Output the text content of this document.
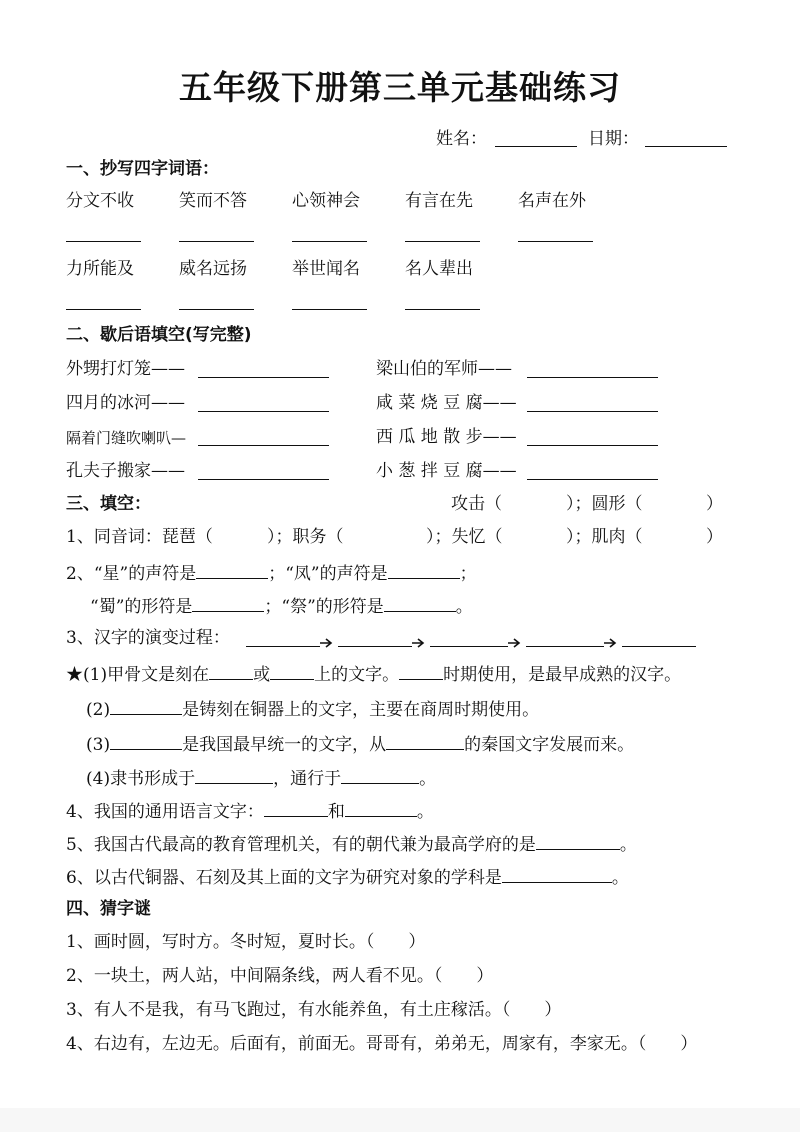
五年级下册第三单元基础练习
姓名：	日期：
一、抄写四字词语：
分文不收	笑而不答	心领神会	有言在先	名声在外
力所能及	威名远扬	举世闻名	名人辈出
二、歇后语填空(写完整)
外甥打灯笼——	梁山伯的军师——
四月的冰河——	咸 菜 烧 豆 腐——
隔着门缝吹喇叭—	西 瓜 地 散 步——
孔夫子搬家——	小 葱 拌 豆 腐——
三、填空：	攻击（	）；圆形（	）
1、同音词：琵琶（	）；职务（	）；失忆（	）；肌肉（	）
2、“星”的声符是	；“凤”的声符是	；
“蜀”的形符是	；“祭”的形符是	。
3、汉字的演变过程：
★(1)甲骨文是刻在	或	上的文字。	时期使用，是最早成熟的汉字。
(2)	是铸刻在铜器上的文字，主要在商周时期使用。
(3)	是我国最早统一的文字，从	的秦国文字发展而来。
(4)隶书形成于	，通行于	。
4、我国的通用语言文字：	和	。
5、我国古代最高的教育管理机关，有的朝代兼为最高学府的是	。
6、以古代铜器、石刻及其上面的文字为研究对象的学科是	。
四、猜字谜
1、画时圆，写时方。冬时短，夏时长。（　　）
2、一块土，两人站，中间隔条线，两人看不见。（　　）
3、有人不是我，有马飞跑过，有水能养鱼，有土庄稼活。（　　）
4、右边有，左边无。后面有，前面无。哥哥有，弟弟无，周家有，李家无。（　　）
